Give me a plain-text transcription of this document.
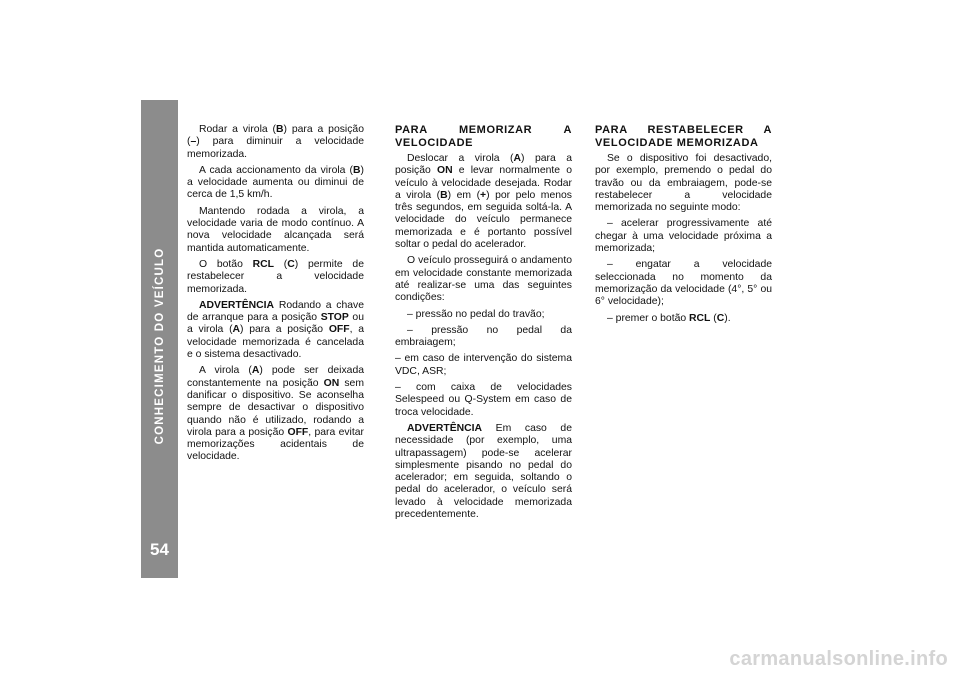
CONHECIMENTO DO VEÍCULO
54

Rodar a virola (B) para a posição (–) para diminuir a velocidade memorizada.

A cada accionamento da virola (B) a velocidade aumenta ou diminui de cerca de 1,5 km/h.

Mantendo rodada a virola, a velocidade varia de modo contínuo. A nova velocidade alcançada será mantida automaticamente.

O botão RCL (C) permite de restabelecer a velocidade memorizada.

ADVERTÊNCIA Rodando a chave de arranque para a posição STOP ou a virola (A) para a posição OFF, a velocidade memorizada é cancelada e o sistema desactivado.

A virola (A) pode ser deixada constantemente na posição ON sem danificar o dispositivo. Se aconselha sempre de desactivar o dispositivo quando não é utilizado, rodando a virola para a posição OFF, para evitar memorizações acidentais de velocidade.

PARA MEMORIZAR A VELOCIDADE

Deslocar a virola (A) para a posição ON e levar normalmente o veículo à velocidade desejada. Rodar a virola (B) em (+) por pelo menos três segundos, em seguida soltá-la. A velocidade do veículo permanece memorizada e é portanto possível soltar o pedal do acelerador.

O veículo prosseguirá o andamento em velocidade constante memorizada até realizar-se uma das seguintes condições:

– pressão no pedal do travão;

– pressão no pedal da embraiagem;

– em caso de intervenção do sistema VDC, ASR;

– com caixa de velocidades Selespeed ou Q-System em caso de troca velocidade.

ADVERTÊNCIA Em caso de necessidade (por exemplo, uma ultrapassagem) pode-se acelerar simplesmente pisando no pedal do acelerador; em seguida, soltando o pedal do acelerador, o veículo será levado à velocidade memorizada precedentemente.

PARA RESTABELECER A VELOCIDADE MEMORIZADA

Se o dispositivo foi desactivado, por exemplo, premendo o pedal do travão ou da embraiagem, pode-se restabelecer a velocidade memorizada no seguinte modo:

– acelerar progressivamente até chegar à uma velocidade próxima a memorizada;

– engatar a velocidade seleccionada no momento da memorização da velocidade (4°, 5° ou 6° velocidade);

– premer o botão RCL (C).

carmanualsonline.info
